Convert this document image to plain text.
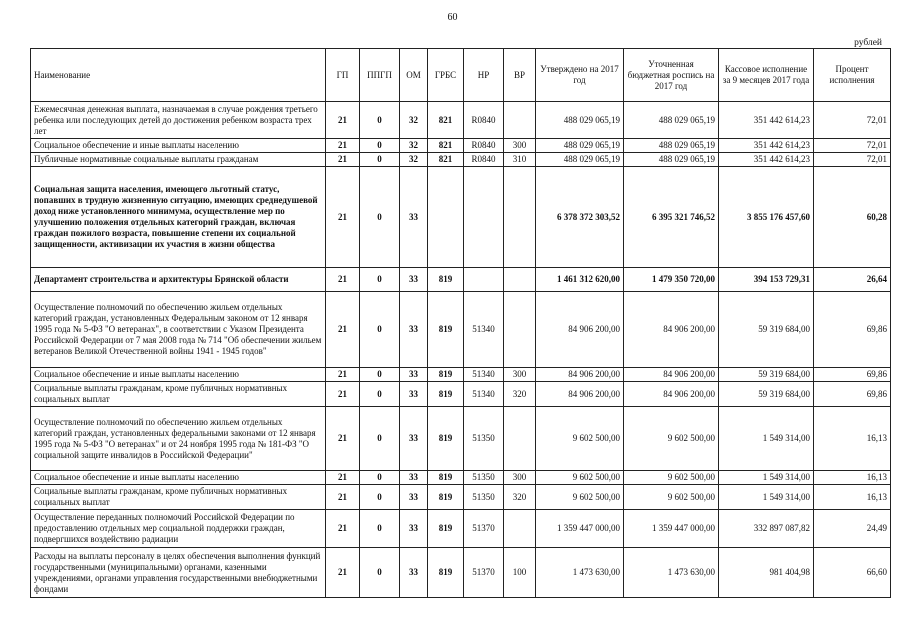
60
рублей
Наименование	ГП	ППГП	ОМ	ГРБС	НР	ВР	Утверждено на 2017 год	Уточненная бюджетная роспись на 2017 год	Кассовое исполнение за 9 месяцев 2017 года	Процент исполнения
Ежемесячная денежная выплата, назначаемая в случае рождения третьего ребенка или последующих детей до достижения ребенком возраста трех лет	21	0	32	821	R0840		488 029 065,19	488 029 065,19	351 442 614,23	72,01
Социальное обеспечение и иные выплаты населению	21	0	32	821	R0840	300	488 029 065,19	488 029 065,19	351 442 614,23	72,01
Публичные нормативные социальные выплаты гражданам	21	0	32	821	R0840	310	488 029 065,19	488 029 065,19	351 442 614,23	72,01
Социальная защита населения, имеющего льготный статус, попавших в трудную жизненную ситуацию, имеющих среднедушевой доход ниже установленного минимума, осуществление мер по улучшению положения отдельных категорий граждан, включая граждан пожилого возраста, повышение степени их социальной защищенности, активизации их участия в жизни общества	21	0	33				6 378 372 303,52	6 395 321 746,52	3 855 176 457,60	60,28
Департамент строительства и архитектуры Брянской области	21	0	33	819			1 461 312 620,00	1 479 350 720,00	394 153 729,31	26,64
Осуществление полномочий по обеспечению жильем отдельных категорий граждан, установленных Федеральным законом от 12 января 1995 года № 5-ФЗ "О ветеранах", в соответствии с Указом Президента Российской Федерации от 7 мая 2008 года № 714 "Об обеспечении жильем ветеранов Великой Отечественной войны 1941 - 1945 годов"	21	0	33	819	51340		84 906 200,00	84 906 200,00	59 319 684,00	69,86
Социальное обеспечение и иные выплаты населению	21	0	33	819	51340	300	84 906 200,00	84 906 200,00	59 319 684,00	69,86
Социальные выплаты гражданам, кроме публичных нормативных социальных выплат	21	0	33	819	51340	320	84 906 200,00	84 906 200,00	59 319 684,00	69,86
Осуществление полномочий по обеспечению жильем отдельных категорий граждан, установленных федеральными законами от 12 января 1995 года № 5-ФЗ "О ветеранах" и от 24 ноября 1995 года № 181-ФЗ "О социальной защите инвалидов в Российской Федерации"	21	0	33	819	51350		9 602 500,00	9 602 500,00	1 549 314,00	16,13
Социальное обеспечение и иные выплаты населению	21	0	33	819	51350	300	9 602 500,00	9 602 500,00	1 549 314,00	16,13
Социальные выплаты гражданам, кроме публичных нормативных социальных выплат	21	0	33	819	51350	320	9 602 500,00	9 602 500,00	1 549 314,00	16,13
Осуществление переданных полномочий Российской Федерации по предоставлению отдельных мер социальной поддержки граждан, подвергшихся воздействию радиации	21	0	33	819	51370		1 359 447 000,00	1 359 447 000,00	332 897 087,82	24,49
Расходы на выплаты персоналу в целях обеспечения выполнения функций государственными (муниципальными) органами, казенными учреждениями, органами управления государственными внебюджетными фондами	21	0	33	819	51370	100	1 473 630,00	1 473 630,00	981 404,98	66,60
